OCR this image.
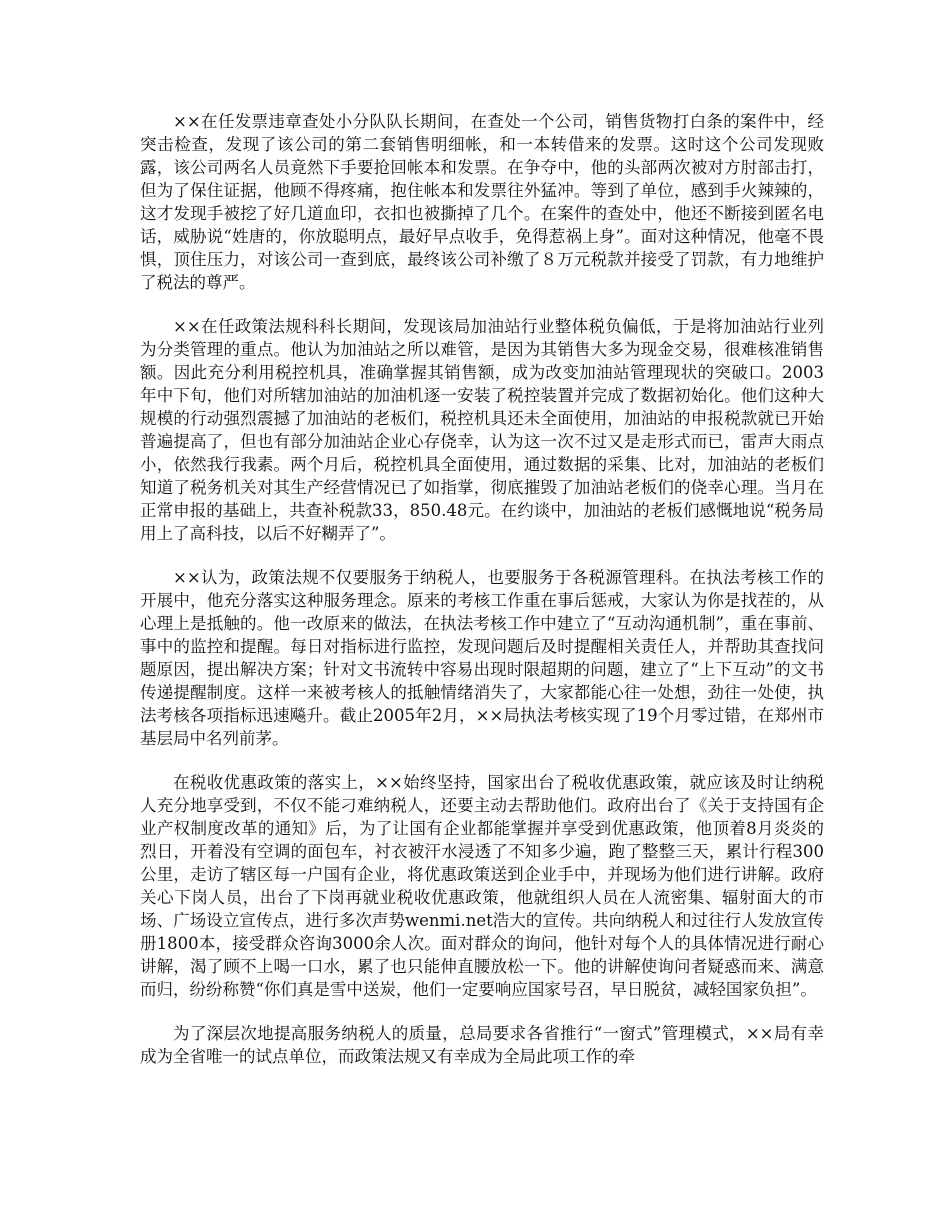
××在任发票违章查处小分队队长期间，在查处一个公司，销售货物打白条的案件中，经突击检查，发现了该公司的第二套销售明细帐，和一本转借来的发票。这时这个公司发现败露，该公司两名人员竟然下手要抢回帐本和发票。在争夺中，他的头部两次被对方肘部击打，但为了保住证据，他顾不得疼痛，抱住帐本和发票往外猛冲。等到了单位，感到手火辣辣的，这才发现手被挖了好几道血印，衣扣也被撕掉了几个。在案件的查处中，他还不断接到匿名电话，威胁说“姓唐的，你放聪明点，最好早点收手，免得惹祸上身”。面对这种情况，他毫不畏惧，顶住压力，对该公司一查到底，最终该公司补缴了８万元税款并接受了罚款，有力地维护了税法的尊严。

××在任政策法规科科长期间，发现该局加油站行业整体税负偏低，于是将加油站行业列为分类管理的重点。他认为加油站之所以难管，是因为其销售大多为现金交易，很难核准销售额。因此充分利用税控机具，准确掌握其销售额，成为改变加油站管理现状的突破口。2003年中下旬，他们对所辖加油站的加油机逐一安装了税控装置并完成了数据初始化。他们这种大规模的行动强烈震撼了加油站的老板们，税控机具还未全面使用，加油站的申报税款就已开始普遍提高了，但也有部分加油站企业心存侥幸，认为这一次不过又是走形式而已，雷声大雨点小，依然我行我素。两个月后，税控机具全面使用，通过数据的采集、比对，加油站的老板们知道了税务机关对其生产经营情况已了如指掌，彻底摧毁了加油站老板们的侥幸心理。当月在正常申报的基础上，共查补税款33，850.48元。在约谈中，加油站的老板们感慨地说“税务局用上了高科技，以后不好糊弄了”。

××认为，政策法规不仅要服务于纳税人，也要服务于各税源管理科。在执法考核工作的开展中，他充分落实这种服务理念。原来的考核工作重在事后惩戒，大家认为你是找茬的，从心理上是抵触的。他一改原来的做法，在执法考核工作中建立了“互动沟通机制”，重在事前、事中的监控和提醒。每日对指标进行监控，发现问题后及时提醒相关责任人，并帮助其查找问题原因，提出解决方案；针对文书流转中容易出现时限超期的问题，建立了“上下互动”的文书传递提醒制度。这样一来被考核人的抵触情绪消失了，大家都能心往一处想，劲往一处使，执法考核各项指标迅速飚升。截止2005年2月，××局执法考核实现了19个月零过错，在郑州市基层局中名列前茅。

在税收优惠政策的落实上，××始终坚持，国家出台了税收优惠政策，就应该及时让纳税人充分地享受到，不仅不能刁难纳税人，还要主动去帮助他们。政府出台了《关于支持国有企业产权制度改革的通知》后，为了让国有企业都能掌握并享受到优惠政策，他顶着8月炎炎的烈日，开着没有空调的面包车，衬衣被汗水浸透了不知多少遍，跑了整整三天，累计行程300公里，走访了辖区每一户国有企业，将优惠政策送到企业手中，并现场为他们进行讲解。政府关心下岗人员，出台了下岗再就业税收优惠政策，他就组织人员在人流密集、辐射面大的市场、广场设立宣传点，进行多次声势wenmi.net浩大的宣传。共向纳税人和过往行人发放宣传册1800本，接受群众咨询3000余人次。面对群众的询问，他针对每个人的具体情况进行耐心讲解，渴了顾不上喝一口水，累了也只能伸直腰放松一下。他的讲解使询问者疑惑而来、满意而归，纷纷称赞“你们真是雪中送炭，他们一定要响应国家号召，早日脱贫，减轻国家负担”。

为了深层次地提高服务纳税人的质量，总局要求各省推行“一窗式”管理模式，××局有幸成为全省唯一的试点单位，而政策法规又有幸成为全局此项工作的牵
